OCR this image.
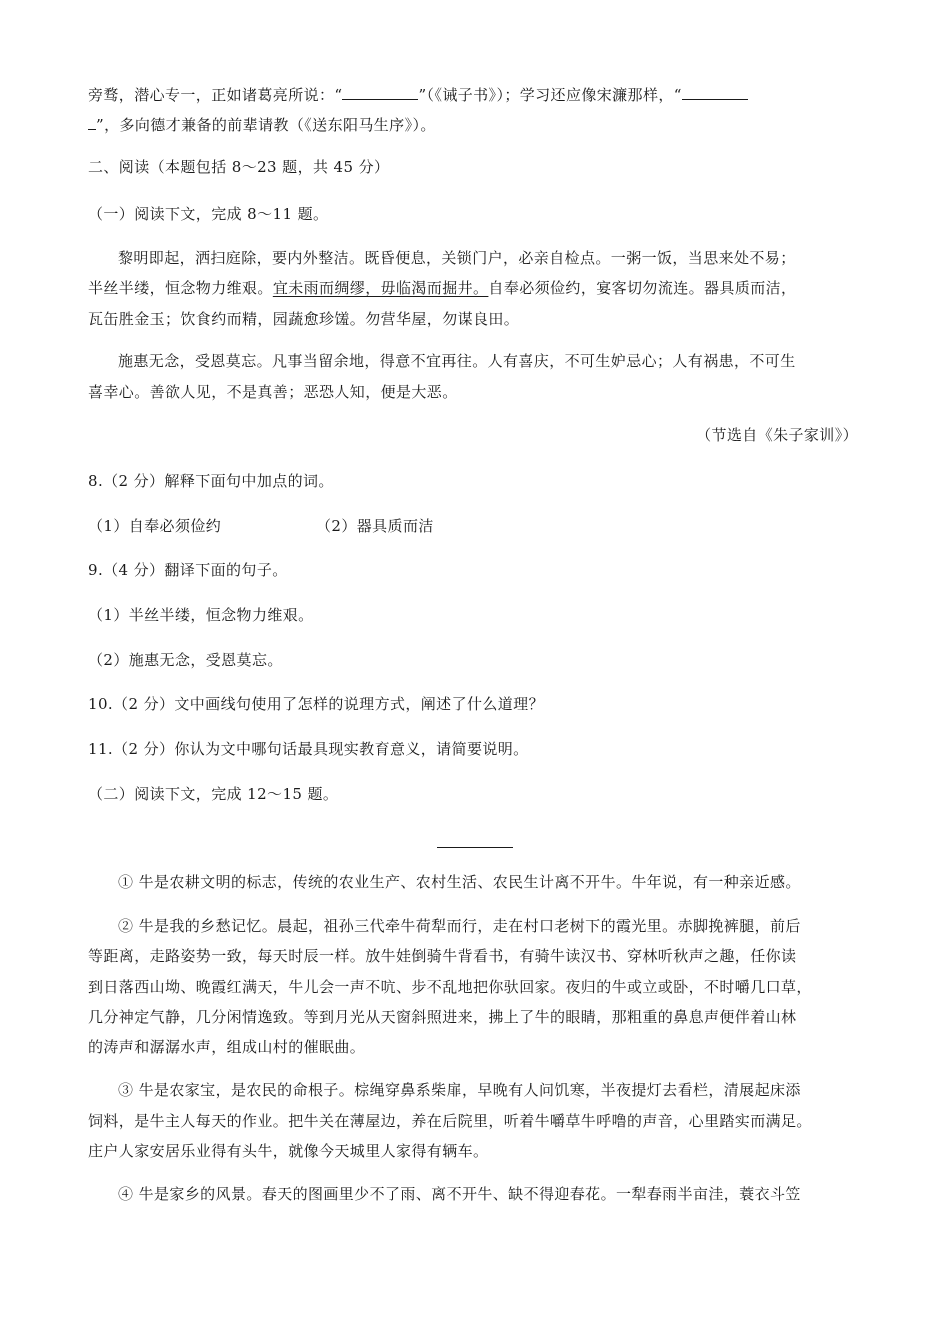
旁骛，潜心专一，正如诸葛亮所说：“	”（《诫子书》）；学习还应像宋濂那样，“
”，多向德才兼备的前辈请教（《送东阳马生序》）。
二、阅读（本题包括 8～23 题，共 45 分）
（一）阅读下文，完成 8～11 题。
黎明即起，洒扫庭除，要内外整洁。既昏便息，关锁门户，必亲自检点。一粥一饭，当思来处不易；
半丝半缕，恒念物力维艰。宜未雨而绸缪，毋临渴而掘井。自奉必须俭约，宴客切勿流连。器具质而洁，
瓦缶胜金玉；饮食约而精，园蔬愈珍馐。勿营华屋，勿谋良田。
施惠无念，受恩莫忘。凡事当留余地，得意不宜再往。人有喜庆，不可生妒忌心；人有祸患，不可生
喜幸心。善欲人见，不是真善；恶恐人知，便是大恶。
（节选自《朱子家训》）
8.（2 分）解释下面句中加点的词。
（1）自奉必须俭约	（2）器具质而洁
9.（4 分）翻译下面的句子。
（1）半丝半缕，恒念物力维艰。
（2）施惠无念，受恩莫忘。
10.（2 分）文中画线句使用了怎样的说理方式，阐述了什么道理？
11.（2 分）你认为文中哪句话最具现实教育意义，请简要说明。
（二）阅读下文，完成 12～15 题。
① 牛是农耕文明的标志，传统的农业生产、农村生活、农民生计离不开牛。牛年说，有一种亲近感。
② 牛是我的乡愁记忆。晨起，祖孙三代牵牛荷犁而行，走在村口老树下的霞光里。赤脚挽裤腿，前后
等距离，走路姿势一致，每天时辰一样。放牛娃倒骑牛背看书，有骑牛读汉书、穿林听秋声之趣，任你读
到日落西山坳、晚霞红满天，牛儿会一声不吭、步不乱地把你驮回家。夜归的牛或立或卧，不时嚼几口草，
几分神定气静，几分闲情逸致。等到月光从天窗斜照进来，拂上了牛的眼睛，那粗重的鼻息声便伴着山林
的涛声和潺潺水声，组成山村的催眠曲。
③ 牛是农家宝，是农民的命根子。棕绳穿鼻系柴扉，早晚有人问饥寒，半夜提灯去看栏，清展起床添
饲料，是牛主人每天的作业。把牛关在薄屋边，养在后院里，听着牛嚼草牛呼噜的声音，心里踏实而满足。
庄户人家安居乐业得有头牛，就像今天城里人家得有辆车。
④ 牛是家乡的风景。春天的图画里少不了雨、离不开牛、缺不得迎春花。一犁春雨半亩洼，蓑衣斗笠
